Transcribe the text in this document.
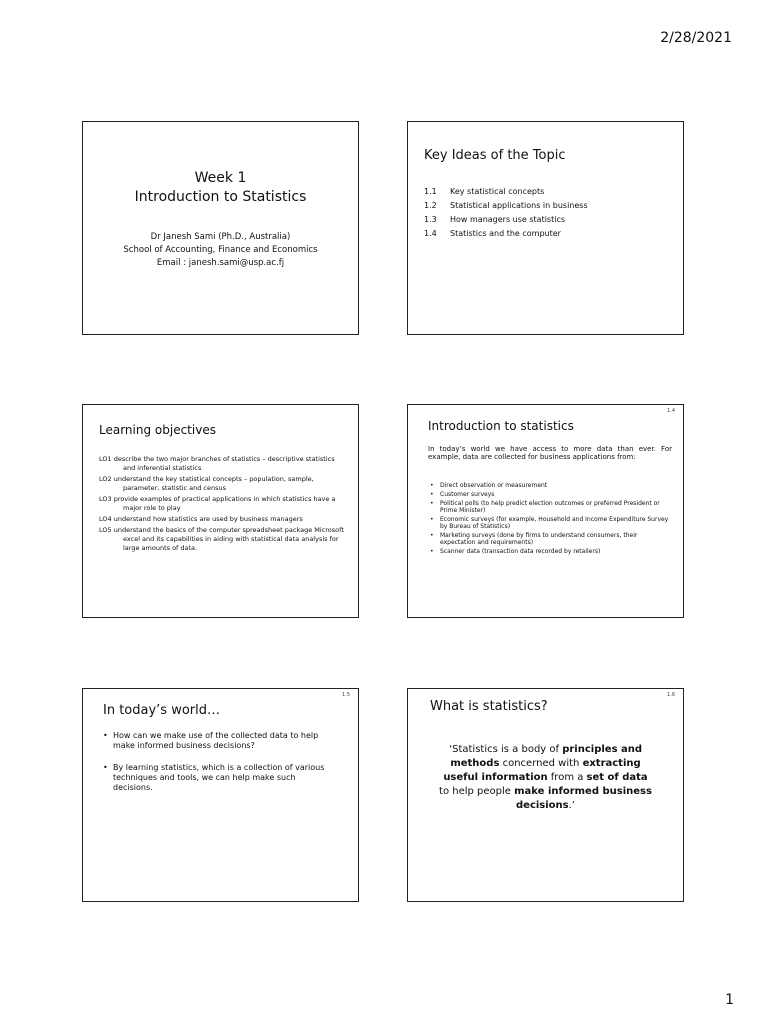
2/28/2021
Week 1
Introduction to Statistics
Dr Janesh Sami (Ph.D., Australia)
School of Accounting, Finance and Economics
Email : janesh.sami@usp.ac.fj
Key Ideas of the Topic
1.1	Key statistical concepts
1.2	Statistical applications in business
1.3	How managers use statistics
1.4	Statistics and the computer
Learning objectives
LO1 describe the two major branches of statistics – descriptive statistics and inferential statistics
LO2 understand the key statistical concepts – population, sample, parameter, statistic and census
LO3 provide examples of practical applications in which statistics have a major role to play
LO4 understand how statistics are used by business managers
LO5 understand the basics of the computer spreadsheet package Microsoft excel and its capabilities in aiding with statistical data analysis for large amounts of data.
1.4
Introduction to statistics
In today’s world we have access to more data than ever. For example, data are collected for business applications from:
• Direct observation or measurement
• Customer surveys
• Political polls (to help predict election outcomes or preferred President or Prime Minister)
• Economic surveys (for example, Household and Income Expenditure Survey by Bureau of Statistics)
• Marketing surveys (done by firms to understand consumers, their expectation and requirements)
• Scanner data (transaction data recorded by retailers)
1.5
In today’s world…
• How can we make use of the collected data to help make informed business decisions?
• By learning statistics, which is a collection of various techniques and tools, we can help make such decisions.
1.6
What is statistics?
‘Statistics is a body of principles and methods concerned with extracting useful information from a set of data to help people make informed business decisions.’
1
